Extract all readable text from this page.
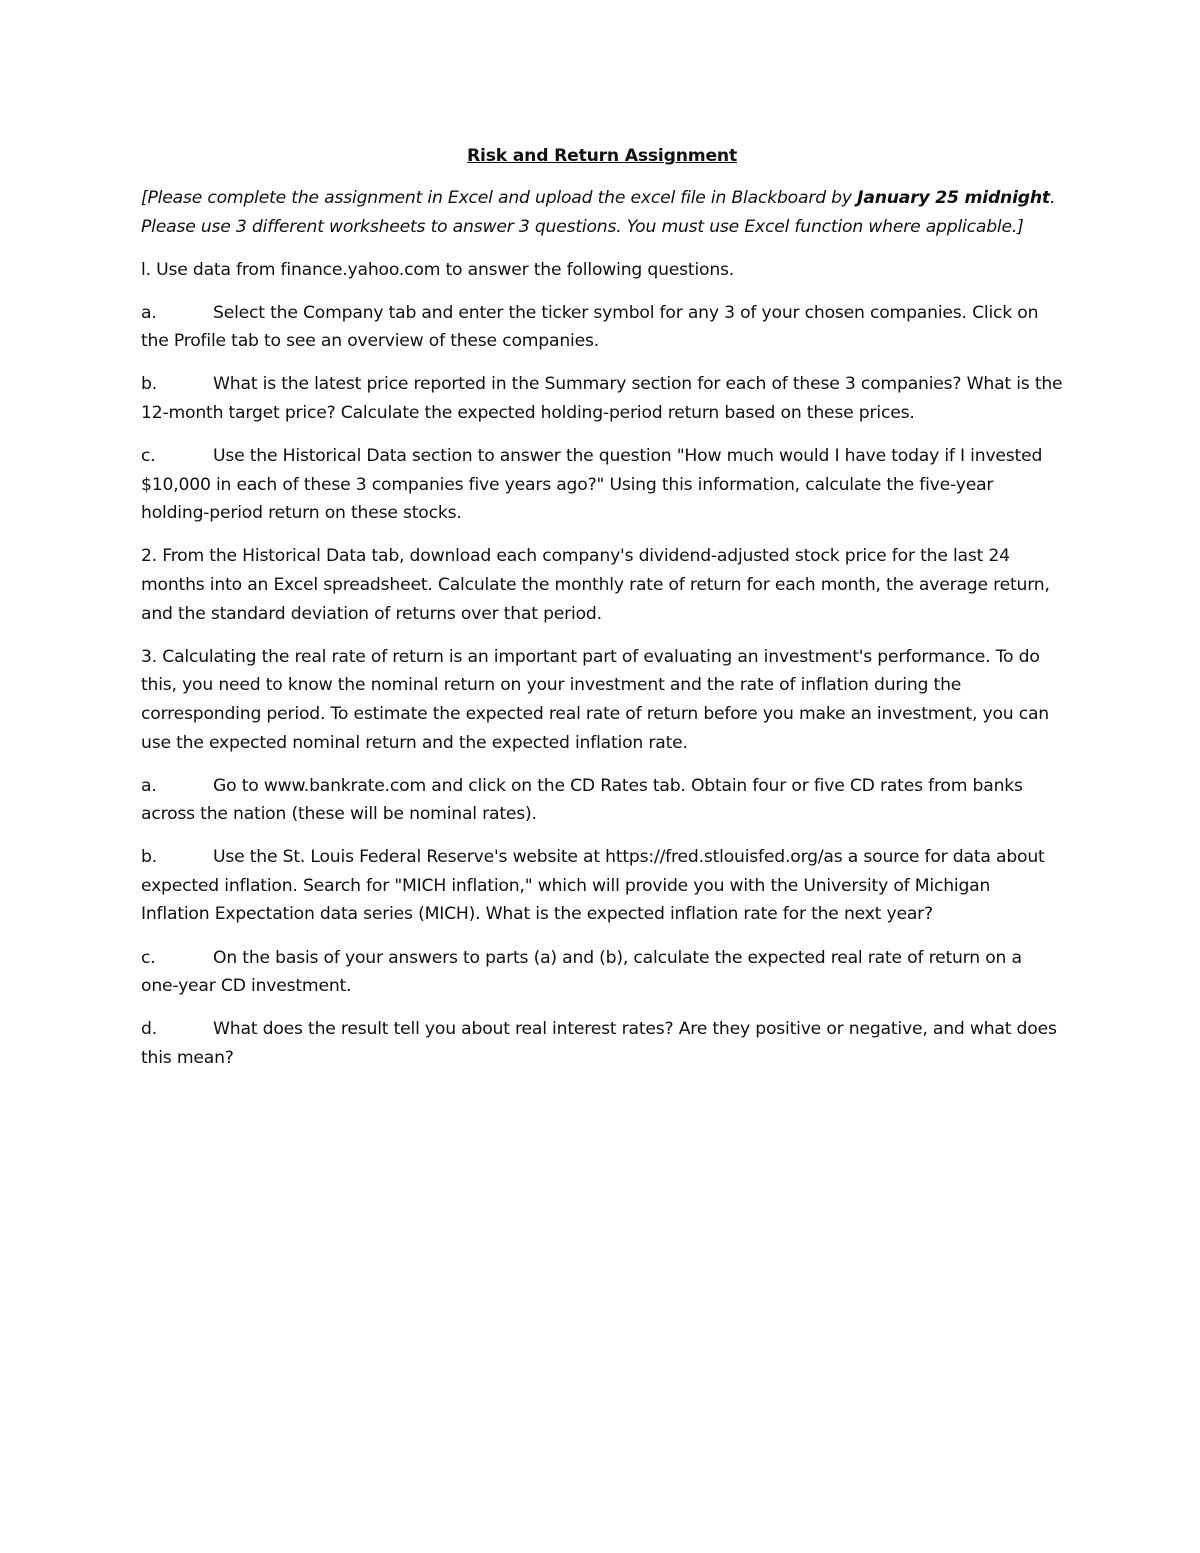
Risk and Return Assignment

[Please complete the assignment in Excel and upload the excel file in Blackboard by January 25 midnight. Please use 3 different worksheets to answer 3 questions. You must use Excel function where applicable.]

l. Use data from finance.yahoo.com to answer the following questions.

a.	Select the Company tab and enter the ticker symbol for any 3 of your chosen companies. Click on the Profile tab to see an overview of these companies.

b.	What is the latest price reported in the Summary section for each of these 3 companies? What is the 12-month target price? Calculate the expected holding-period return based on these prices.

c.	Use the Historical Data section to answer the question "How much would I have today if I invested $10,000 in each of these 3 companies five years ago?" Using this information, calculate the five-year holding-period return on these stocks.

2. From the Historical Data tab, download each company's dividend-adjusted stock price for the last 24 months into an Excel spreadsheet. Calculate the monthly rate of return for each month, the average return, and the standard deviation of returns over that period.

3. Calculating the real rate of return is an important part of evaluating an investment's performance. To do this, you need to know the nominal return on your investment and the rate of inflation during the corresponding period. To estimate the expected real rate of return before you make an investment, you can use the expected nominal return and the expected inflation rate.

a.	Go to www.bankrate.com and click on the CD Rates tab. Obtain four or five CD rates from banks across the nation (these will be nominal rates).

b.	Use the St. Louis Federal Reserve's website at https://fred.stlouisfed.org/as a source for data about expected inflation. Search for "MICH inflation," which will provide you with the University of Michigan Inflation Expectation data series (MICH). What is the expected inflation rate for the next year?

c.	On the basis of your answers to parts (a) and (b), calculate the expected real rate of return on a one-year CD investment.

d.	What does the result tell you about real interest rates? Are they positive or negative, and what does this mean?
